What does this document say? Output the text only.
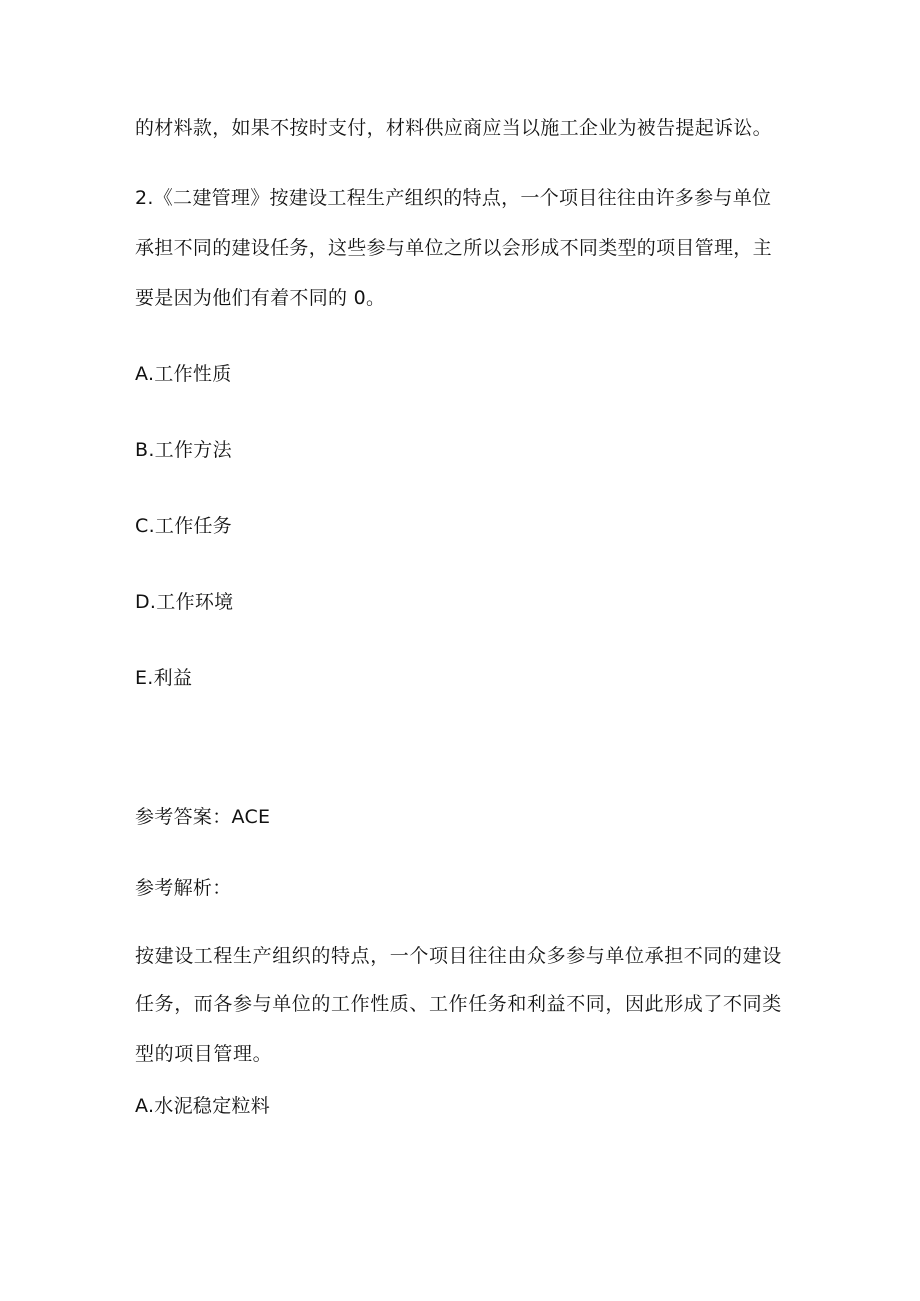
的材料款，如果不按时支付，材料供应商应当以施工企业为被告提起诉讼。
2.《二建管理》按建设工程生产组织的特点，一个项目往往由许多参与单位
承担不同的建设任务，这些参与单位之所以会形成不同类型的项目管理，主
要是因为他们有着不同的 0。
A.工作性质
B.工作方法
C.工作任务
D.工作环境
E.利益
参考答案：ACE
参考解析：
按建设工程生产组织的特点，一个项目往往由众多参与单位承担不同的建设
任务，而各参与单位的工作性质、工作任务和利益不同，因此形成了不同类
型的项目管理。
A.水泥稳定粒料
